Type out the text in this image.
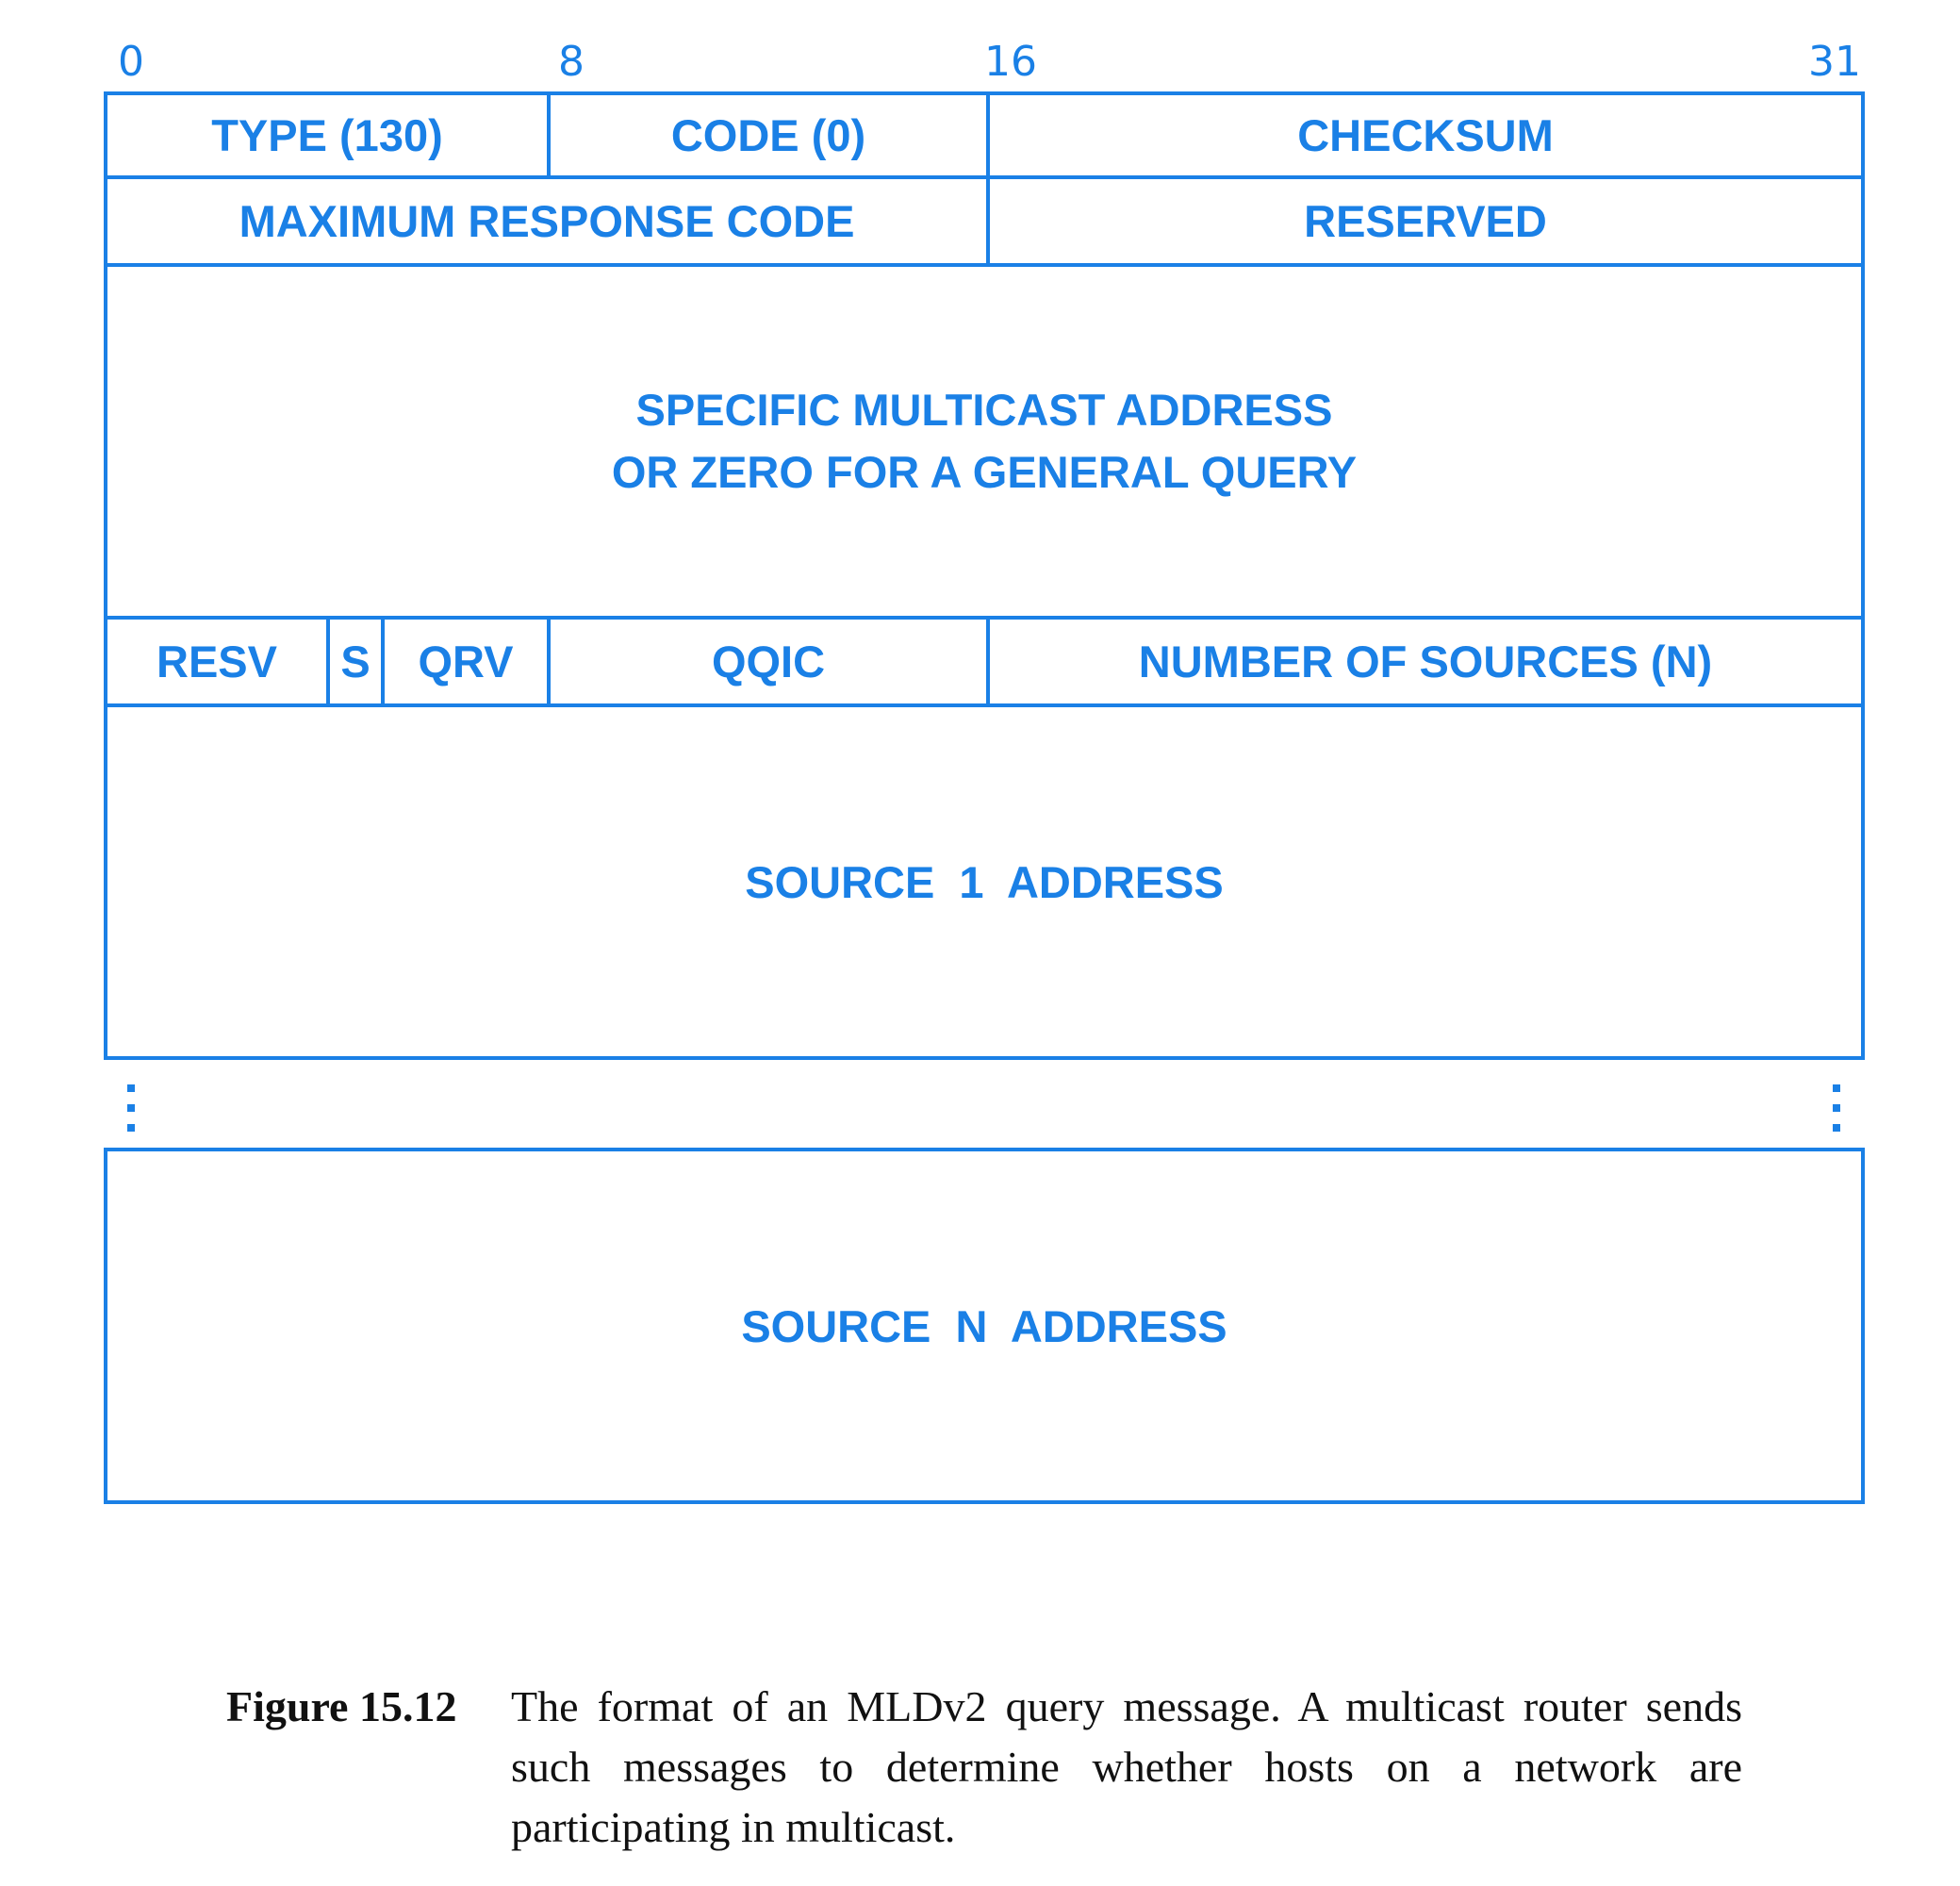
0	8	16	31
TYPE (130)	CODE (0)	CHECKSUM
MAXIMUM RESPONSE CODE	RESERVED
SPECIFIC MULTICAST ADDRESS
OR ZERO FOR A GENERAL QUERY
RESV	S	QRV	QQIC	NUMBER OF SOURCES (N)
SOURCE  1  ADDRESS
SOURCE  N  ADDRESS
Figure 15.12 The format of an MLDv2 query message. A multicast router sends such messages to determine whether hosts on a network are participating in multicast.
